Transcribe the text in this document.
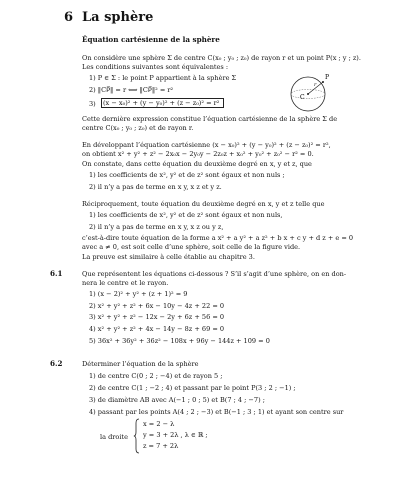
6 La sphère
Équation cartésienne de la sphère
On considère une sphère Σ de centre C(x₀ ; y₀ ; z₀) de rayon r et un point P(x ; y ; z).
Les conditions suivantes sont équivalentes :
1) P ∈ Σ : le point P appartient à la sphère Σ
2) ‖CP⃗‖ = r ⟺ ‖CP⃗‖² = r²
3)	(x − x₀)² + (y − y₀)² + (z − z₀)² = r²
P
C
r
Cette dernière expression constitue l’équation cartésienne de la sphère Σ de
centre C(x₀ ; y₀ ; z₀) et de rayon r.
En développant l’équation cartésienne (x − x₀)² + (y − y₀)² + (z − z₀)² = r²,
on obtient x² + y² + z² − 2x₀x − 2y₀y − 2z₀z + x₀² + y₀² + z₀² − r² = 0.
On constate, dans cette équation du deuxième degré en x, y et z, que
1) les coefficients de x², y² et de z² sont égaux et non nuls ;
2) il n’y a pas de terme en x y, x z et y z.
Réciproquement, toute équation du deuxième degré en x, y et z telle que
1) les coefficients de x², y² et de z² sont égaux et non nuls,
2) il n’y a pas de terme en x y, x z ou y z,
c’est-à-dire toute équation de la forme a x² + a y² + a z² + b x + c y + d z + e = 0
avec a ≠ 0, est soit celle d’une sphère, soit celle de la figure vide.
La preuve est similaire à celle établie au chapitre 3.
6.1	Que représentent les équations ci-dessous ? S’il s’agit d’une sphère, on en don-
nera le centre et le rayon.
1) (x − 2)² + y² + (z + 1)² = 9
2) x² + y² + z² + 6x − 10y − 4z + 22 = 0
3) x² + y² + z² − 12x − 2y + 6z + 56 = 0
4) x² + y² + z² + 4x − 14y − 8z + 69 = 0
5) 36x² + 36y² + 36z² − 108x + 96y − 144z + 109 = 0
6.2	Déterminer l’équation de la sphère
1) de centre C(0 ; 2 ; −4) et de rayon 5 ;
2) de centre C(1 ; −2 ; 4) et passant par le point P(3 ; 2 ; −1) ;
3) de diamètre AB avec A(−1 ; 0 ; 5) et B(7 ; 4 ; −7) ;
4) passant par les points A(4 ; 2 ; −3) et B(−1 ; 3 ; 1) et ayant son centre sur
la droite
x = 2 − λ
y = 3 + 2λ , λ ∈ ℝ ;
z = 7 + 2λ
